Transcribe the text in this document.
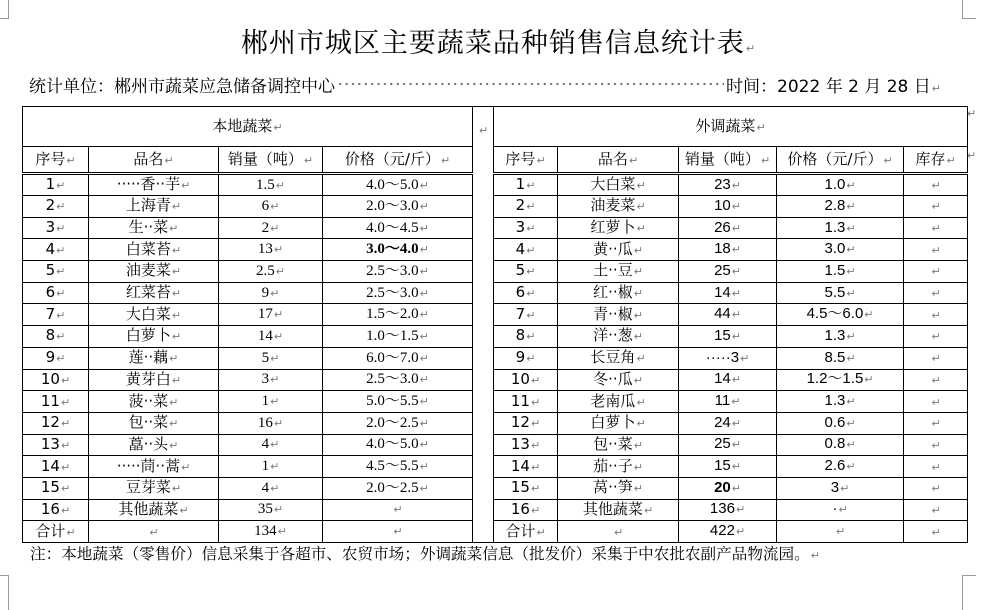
郴州市城区主要蔬菜品种销售信息统计表 ↵
统计单位：郴州市蔬菜应急储备调控中心	时间：2022 年 2 月 28 日 ↵
本地蔬菜 ↵	↵				外调蔬菜 ↵
序号 ↵	品名 ↵	销量（吨） ↵	价格（元/斤） ↵		序号 ↵	品名 ↵	销量（吨） ↵	价格（元/斤） ↵	库存 ↵
1 ↵	·····香··芋 ↵	1.5 ↵	4.0～5.0 ↵		1 ↵	大白菜 ↵	23 ↵	1.0 ↵	↵
2 ↵	上海青 ↵	6 ↵	2.0～3.0 ↵		2 ↵	油麦菜 ↵	10 ↵	2.8 ↵	↵
3 ↵	生··菜 ↵	2 ↵	4.0～4.5 ↵		3 ↵	红萝卜 ↵	26 ↵	1.3 ↵	↵
4 ↵	白菜苔 ↵	13 ↵	3.0～4.0 ↵		4 ↵	黄··瓜 ↵	18 ↵	3.0 ↵	↵
5 ↵	油麦菜 ↵	2.5 ↵	2.5～3.0 ↵		5 ↵	土··豆 ↵	25 ↵	1.5 ↵	↵
6 ↵	红菜苔 ↵	9 ↵	2.5～3.0 ↵		6 ↵	红··椒 ↵	14 ↵	5.5 ↵	↵
7 ↵	大白菜 ↵	17 ↵	1.5～2.0 ↵		7 ↵	青··椒 ↵	44 ↵	4.5～6.0 ↵	↵
8 ↵	白萝卜 ↵	14 ↵	1.0～1.5 ↵		8 ↵	洋··葱 ↵	15 ↵	1.3 ↵	↵
9 ↵	莲··藕 ↵	5 ↵	6.0～7.0 ↵		9 ↵	长豆角 ↵	·····3 ↵	8.5 ↵	↵
10 ↵	黄芽白 ↵	3 ↵	2.5～3.0 ↵		10 ↵	冬··瓜 ↵	14 ↵	1.2～1.5 ↵	↵
11 ↵	菠··菜 ↵	1 ↵	5.0～5.5 ↵		11 ↵	老南瓜 ↵	11 ↵	1.3 ↵	↵
12 ↵	包··菜 ↵	16 ↵	2.0～2.5 ↵		12 ↵	白萝卜 ↵	24 ↵	0.6 ↵	↵
13 ↵	藠··头 ↵	4 ↵	4.0～5.0 ↵		13 ↵	包··菜 ↵	25 ↵	0.8 ↵	↵
14 ↵	·····茼··蒿 ↵	1 ↵	4.5～5.5 ↵		14 ↵	茄··子 ↵	15 ↵	2.6 ↵	↵
15 ↵	豆芽菜 ↵	4 ↵	2.0～2.5 ↵		15 ↵	莴··笋 ↵	20 ↵	3 ↵	↵
16 ↵	其他蔬菜 ↵	35 ↵	↵		16 ↵	其他蔬菜 ↵	136 ↵	· ↵	↵
合计 ↵	↵	134 ↵	↵		合计 ↵	↵	422 ↵	↵	↵
↵
↵
注：本地蔬菜（零售价）信息采集于各超市、农贸市场；外调蔬菜信息（批发价）采集于中农批农副产品物流园。 ↵
